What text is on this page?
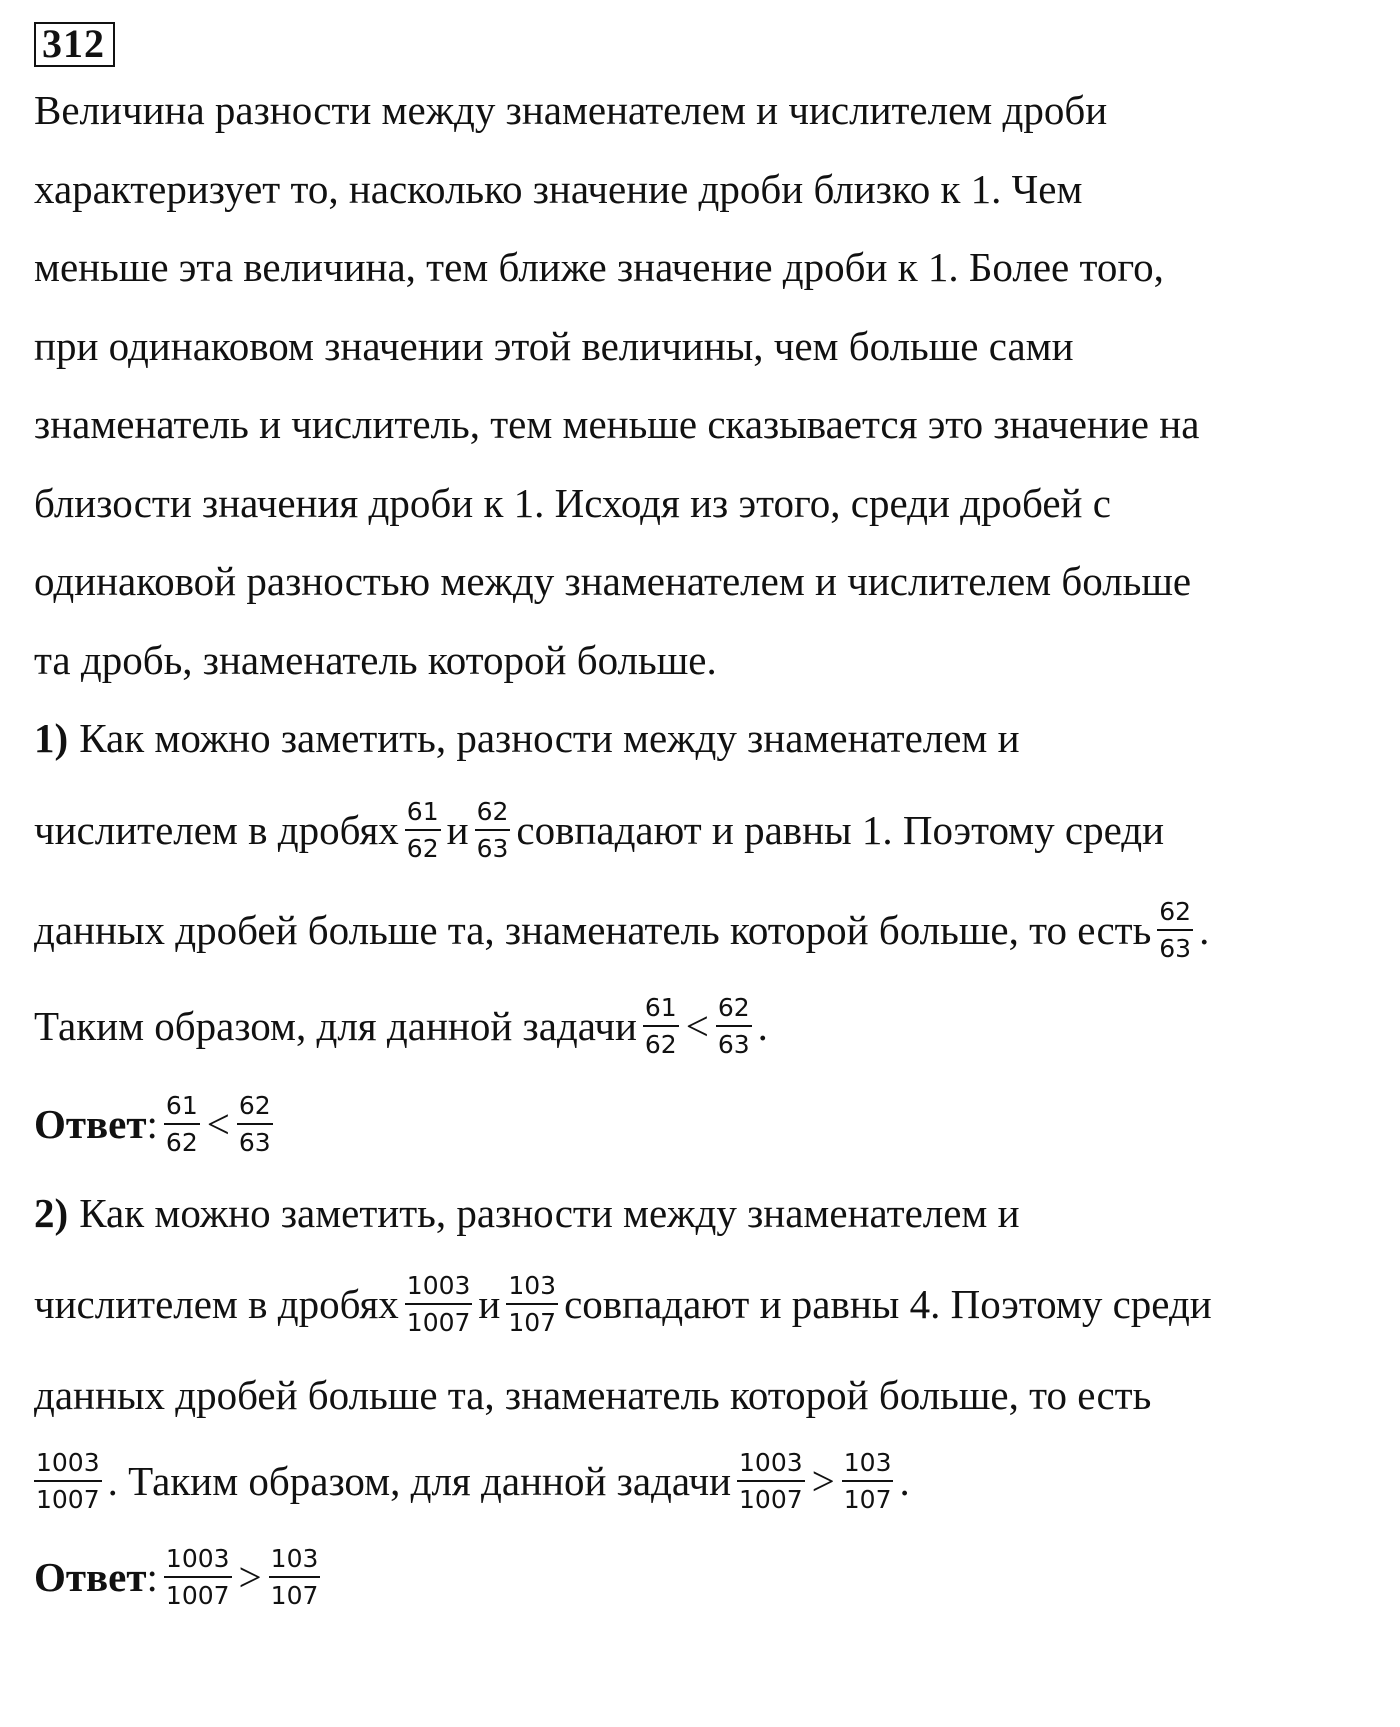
312
Величина разности между знаменателем и числителем дроби
характеризует то, насколько значение дроби близко к 1. Чем
меньше эта величина, тем ближе значение дроби к 1. Более того,
при одинаковом значении этой величины, чем больше сами
знаменатель и числитель, тем меньше сказывается это значение на
близости значения дроби к 1. Исходя из этого, среди дробей с
одинаковой разностью между знаменателем и числителем больше
та дробь, знаменатель которой больше.
1) Как можно заметить, разности между знаменателем и
числителем в дробях $\frac{61}{62}$ и $\frac{62}{63}$ совпадают и равны 1. Поэтому среди
данных дробей больше та, знаменатель которой больше, то есть $\frac{62}{63}$ .
Таким образом, для данной задачи $\frac{61}{62} < \frac{62}{63}$ .
Ответ : $\frac{61}{62} < \frac{62}{63}$
2) Как можно заметить, разности между знаменателем и
числителем в дробях $\frac{1003}{1007}$ и $\frac{103}{107}$ совпадают и равны 4. Поэтому среди
данных дробей больше та, знаменатель которой больше, то есть
$\frac{1003}{1007}$ . Таким образом, для данной задачи $\frac{1003}{1007} > \frac{103}{107}$ .
Ответ : $\frac{1003}{1007} > \frac{103}{107}$
